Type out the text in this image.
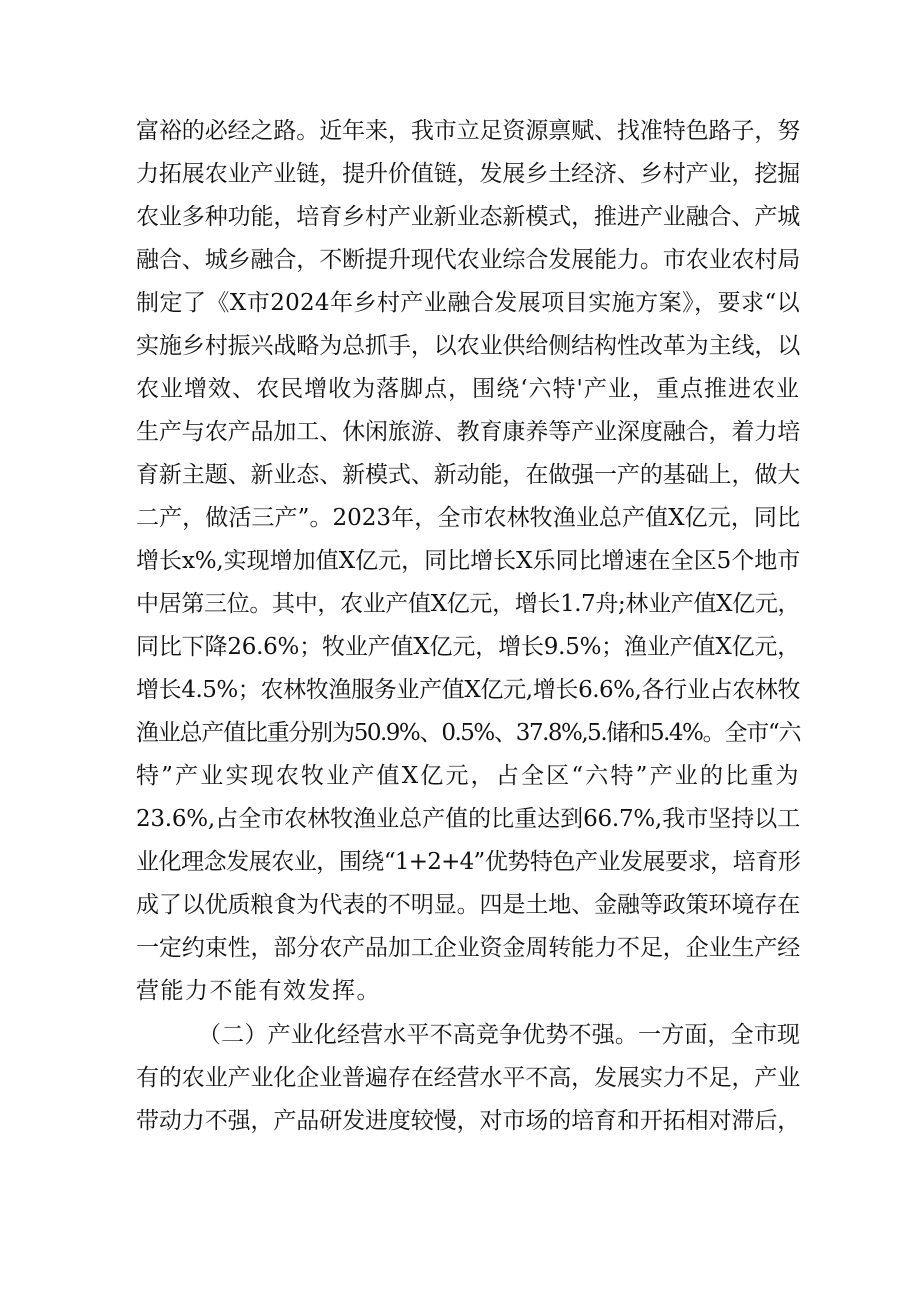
富裕的必经之路。近年来，我市立足资源禀赋、找准特色路子，努
力拓展农业产业链，提升价值链，发展乡土经济、乡村产业，挖掘
农业多种功能，培育乡村产业新业态新模式，推进产业融合、产城
融合、城乡融合，不断提升现代农业综合发展能力。市农业农村局
制定了《X市2024年乡村产业融合发展项目实施方案》，要求“以
实施乡村振兴战略为总抓手，以农业供给侧结构性改革为主线，以
农业增效、农民增收为落脚点，围绕‘六特'产业，重点推进农业
生产与农产品加工、休闲旅游、教育康养等产业深度融合，着力培
育新主题、新业态、新模式、新动能，在做强一产的基础上，做大
二产，做活三产”。2023年，全市农林牧渔业总产值X亿元，同比
增长x%,实现增加值X亿元，同比增长X乐同比增速在全区5个地市
中居第三位。其中，农业产值X亿元，增长1.7舟;林业产值X亿元，
同比下降26.6%；牧业产值X亿元，增长9.5%；渔业产值X亿元，
增长4.5%；农林牧渔服务业产值X亿元,增长6.6%,各行业占农林牧
渔业总产值比重分别为50.9%、0.5%、37.8%,5.储和5.4%。全市“六
特”产业实现农牧业产值X亿元，占全区“六特”产业的比重为
23.6%,占全市农林牧渔业总产值的比重达到66.7%,我市坚持以工
业化理念发展农业，围绕“1+2+4”优势特色产业发展要求，培育形
成了以优质粮食为代表的不明显。四是土地、金融等政策环境存在
一定约束性，部分农产品加工企业资金周转能力不足，企业生产经
营能力不能有效发挥。
（二）产业化经营水平不高竞争优势不强。一方面，全市现
有的农业产业化企业普遍存在经营水平不高，发展实力不足，产业
带动力不强，产品研发进度较慢，对市场的培育和开拓相对滞后，
